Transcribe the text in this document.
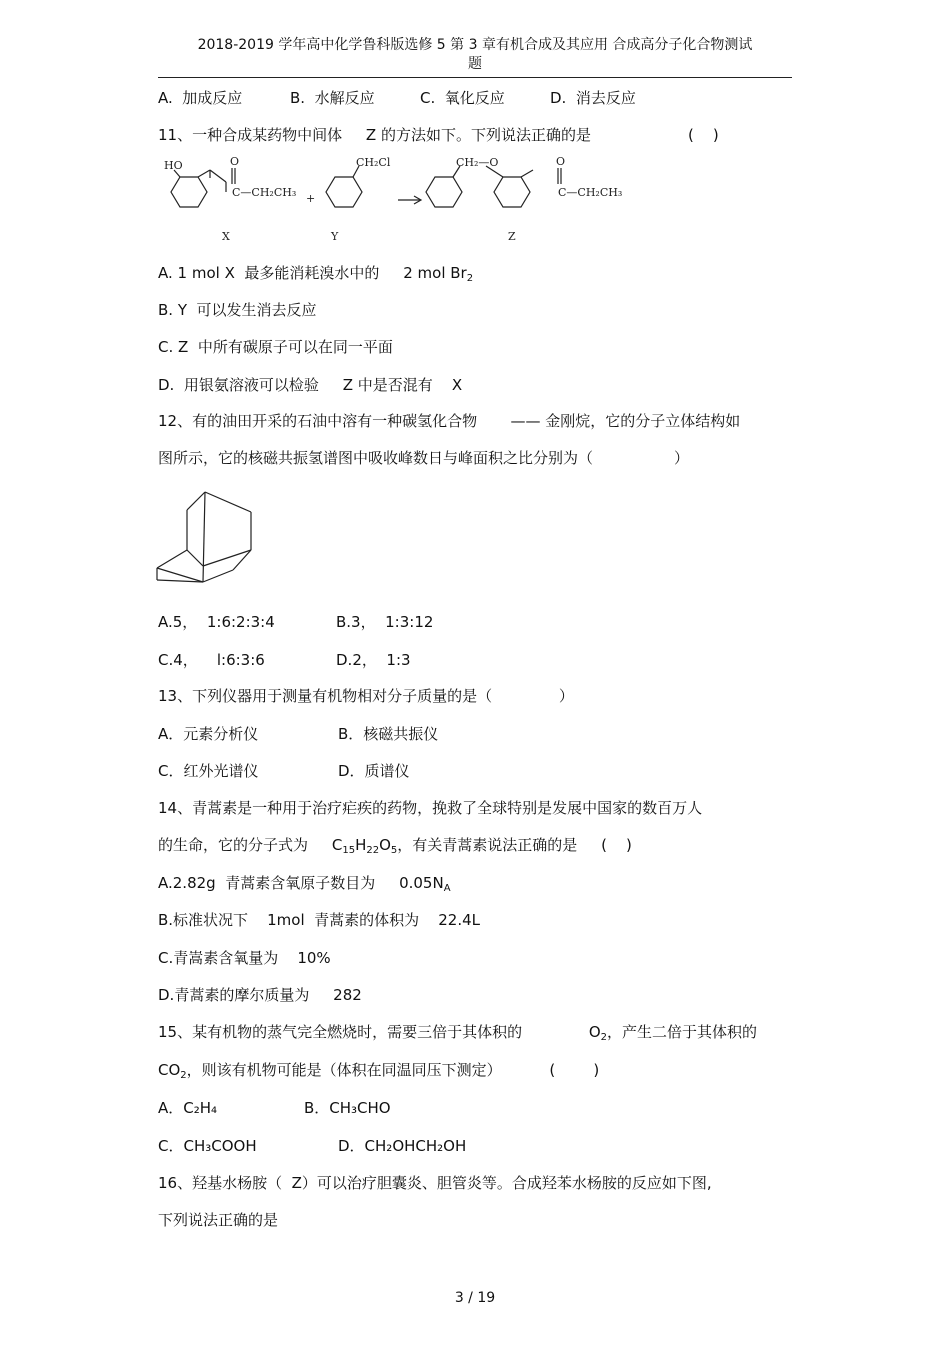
2018-2019 学年高中化学鲁科版选修 5 第 3 章有机合成及其应用 合成高分子化合物测试
题
A.  加成反应	B.  水解反应	C.  氧化反应	D.  消去反应
11、一种合成某药物中间体     Z 的方法如下。下列说法正确的是	(    )
HO	O
C—CH₂CH₃ +
CH₂Cl	CH₂—O	O
C—CH₂CH₃
X	Y	Z
A. 1 mol X  最多能消耗溴水中的     2 mol $Br_2$
B. Y  可以发生消去反应
C. Z  中所有碳原子可以在同一平面
D.  用银氨溶液可以检验     Z 中是否混有    X
12、有的油田开采的石油中溶有一种碳氢化合物       —— 金刚烷，它的分子立体结构如
图所示，它的核磁共振氢谱图中吸收峰数日与峰面积之比分别为（                 ）
A.5，  1:6:2:3:4	B.3，  1:3:12
C.4，    l:6:3:6	D.2，  1:3
13、下列仪器用于测量有机物相对分子质量的是（              ）
A．元素分析仪	B．核磁共振仪
C．红外光谱仪	D．质谱仪
14、青蒿素是一种用于治疗疟疾的药物，挽救了全球特别是发展中国家的数百万人
的生命，它的分子式为     $C_{15}H_{22}O_5$，有关青蒿素说法正确的是     (    )
A.2.82g  青蒿素含氧原子数目为     $0.05N_A$
B.标准状况下    1mol  青蒿素的体积为    22.4L
C.青嵩素含氧量为    10%
D.青蒿素的摩尔质量为     282
15、某有机物的蒸气完全燃烧时，需要三倍于其体积的              $O_2$，产生二倍于其体积的
$CO_2$，则该有机物可能是（体积在同温同压下测定）          (        )
A．C₂H₄	B．CH₃CHO
C．CH₃COOH	D．CH₂OHCH₂OH
16、羟基水杨胺（  Z）可以治疗胆囊炎、胆管炎等。合成羟苯水杨胺的反应如下图,
下列说法正确的是
3 / 19
